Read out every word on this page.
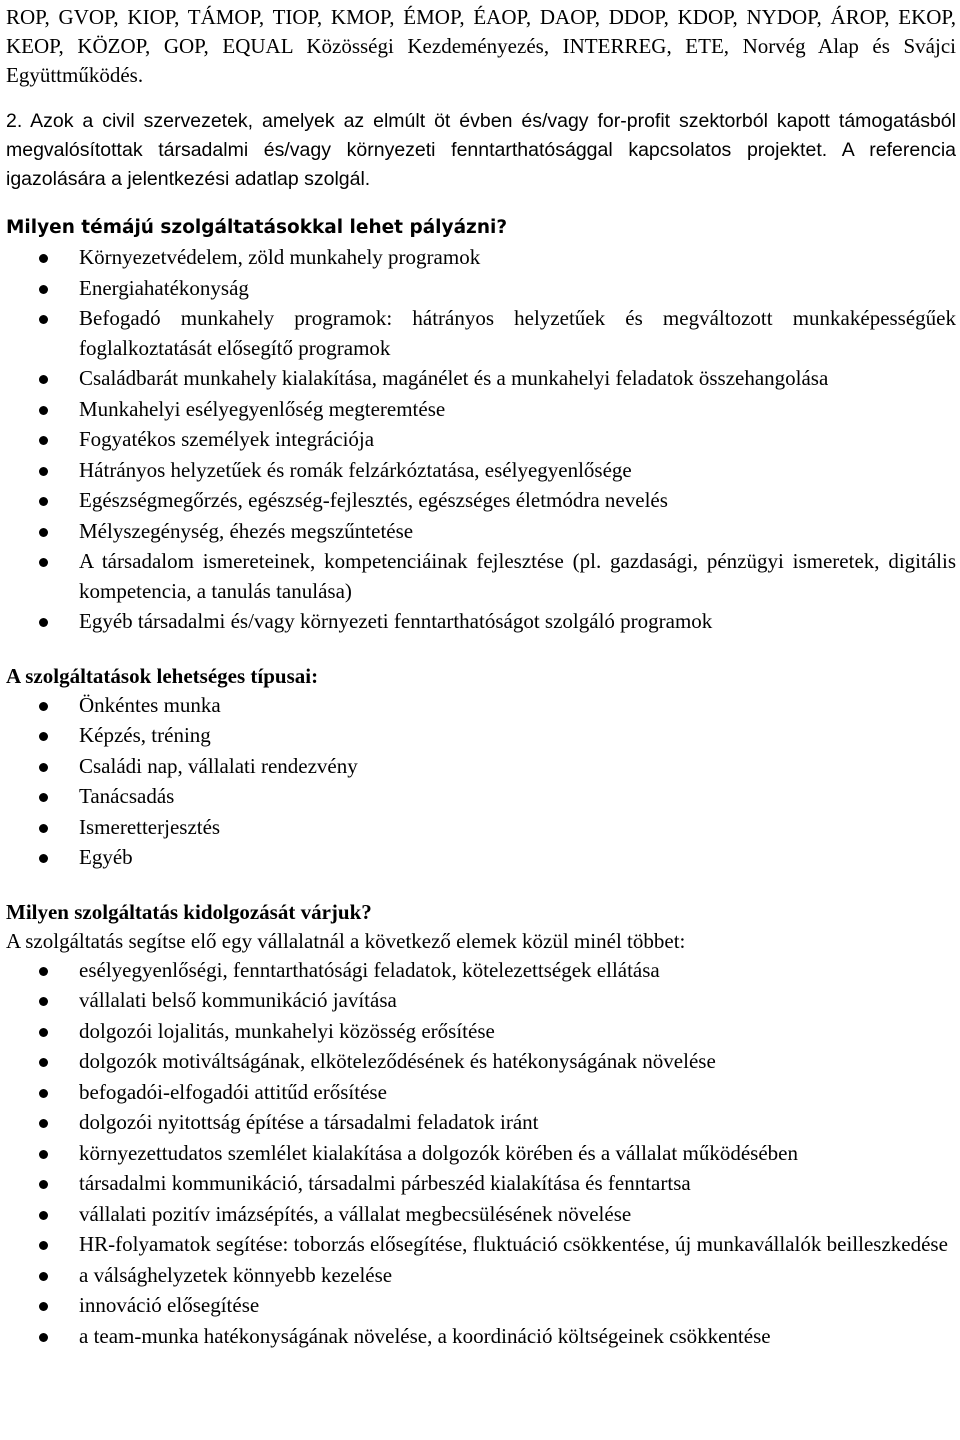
ROP, GVOP, KIOP, TÁMOP, TIOP, KMOP, ÉMOP, ÉAOP, DAOP, DDOP, KDOP, NYDOP, ÁROP, EKOP, KEOP, KÖZOP, GOP, EQUAL Közösségi Kezdeményezés, INTERREG, ETE, Norvég Alap és Svájci Együttműködés.

2. Azok a civil szervezetek, amelyek az elmúlt öt évben és/vagy for-profit szektorból kapott támogatásból megvalósítottak társadalmi és/vagy környezeti fenntarthatósággal kapcsolatos projektet. A referencia igazolására a jelentkezési adatlap szolgál.

Milyen témájú szolgáltatásokkal lehet pályázni?
Környezetvédelem, zöld munkahely programok
Energiahatékonyság
Befogadó munkahely programok: hátrányos helyzetűek és megváltozott munkaképességűek foglalkoztatását elősegítő programok
Családbarát munkahely kialakítása, magánélet és a munkahelyi feladatok összehangolása
Munkahelyi esélyegyenlőség megteremtése
Fogyatékos személyek integrációja
Hátrányos helyzetűek és romák felzárkóztatása, esélyegyenlősége
Egészségmegőrzés, egészség-fejlesztés, egészséges életmódra nevelés
Mélyszegénység, éhezés megszűntetése
A társadalom ismereteinek, kompetenciáinak fejlesztése (pl. gazdasági, pénzügyi ismeretek, digitális kompetencia, a tanulás tanulása)
Egyéb társadalmi és/vagy környezeti fenntarthatóságot szolgáló programok
A szolgáltatások lehetséges típusai:
Önkéntes munka
Képzés, tréning
Családi nap, vállalati rendezvény
Tanácsadás
Ismeretterjesztés
Egyéb
Milyen szolgáltatás kidolgozását várjuk?

A szolgáltatás segítse elő egy vállalatnál a következő elemek közül minél többet:

esélyegyenlőségi, fenntarthatósági feladatok, kötelezettségek ellátása
vállalati belső kommunikáció javítása
dolgozói lojalitás, munkahelyi közösség erősítése
dolgozók motiváltságának, elköteleződésének és hatékonyságának növelése
befogadói-elfogadói attitűd erősítése
dolgozói nyitottság építése a társadalmi feladatok iránt
környezettudatos szemlélet kialakítása a dolgozók körében és a vállalat működésében
társadalmi kommunikáció, társadalmi párbeszéd kialakítása és fenntartsa
vállalati pozitív imázsépítés, a vállalat megbecsülésének növelése
HR-folyamatok segítése: toborzás elősegítése, fluktuáció csökkentése, új munkavállalók beilleszkedése
a válsághelyzetek könnyebb kezelése
innováció elősegítése
a team-munka hatékonyságának növelése, a koordináció költségeinek csökkentése
